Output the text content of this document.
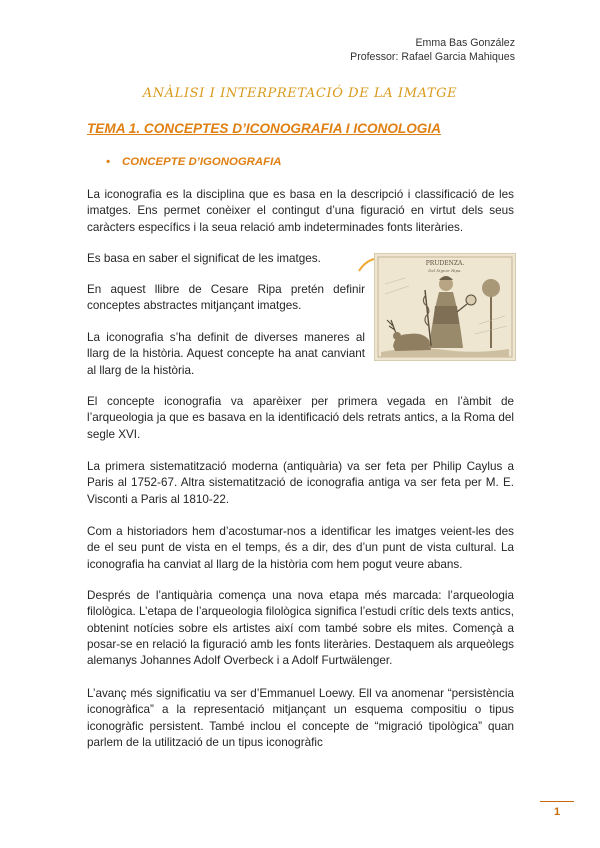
Emma Bas González
Professor: Rafael Garcia Mahiques
ANÀLISI I INTERPRETACIÓ DE LA IMATGE
TEMA 1. CONCEPTES D’ICONOGRAFIA I ICONOLOGIA
• CONCEPTE D’IGONOGRAFIA
La iconografia es la disciplina que es basa en la descripció i classificació de les imatges. Ens permet conèixer el contingut d’una figuració en virtut dels seus caràcters específics i la seua relació amb indeterminades fonts literàries.
Es basa en saber el significat de les imatges.
En aquest llibre de Cesare Ripa pretén definir conceptes abstractes mitjançant imatges.
La iconografia s’ha definit de diverses maneres al llarg de la història. Aquest concepte ha anat canviant al llarg de la història.
El concepte iconografia va aparèixer per primera vegada en l’àmbit de l’arqueologia ja que es basava en la identificació dels retrats antics, a la Roma del segle XVI.
La primera sistematització moderna (antiquària) va ser feta per Philip Caylus a Paris al 1752-67. Altra sistematització de iconografia antiga va ser feta per M. E. Visconti a Paris al 1810-22.
Com a historiadors hem d’acostumar-nos a identificar les imatges veient-les des de el seu punt de vista en el temps, és a dir, des d’un punt de vista cultural. La iconografia ha canviat al llarg de la història com hem pogut veure abans.
Després de l’antiquària comença una nova etapa més marcada: l’arqueologia filològica. L’etapa de l’arqueologia filològica significa l’estudi crític dels texts antics, obtenint notícies sobre els artistes així com també sobre els mites. Començà a posar-se en relació la figuració amb les fonts literàries. Destaquem als arqueòlegs alemanys Johannes Adolf Overbeck i a Adolf Furtwälenger.
L’avanç més significatiu va ser d’Emmanuel Loewy. Ell va anomenar “persistència iconogràfica” a la representació mitjançant un esquema compositiu o tipus iconogràfic persistent. També inclou el concepte de “migració tipològica” quan parlem de la utilització de un tipus iconogràfic
PRUDENZA.
Del Signor Ripa.
1
